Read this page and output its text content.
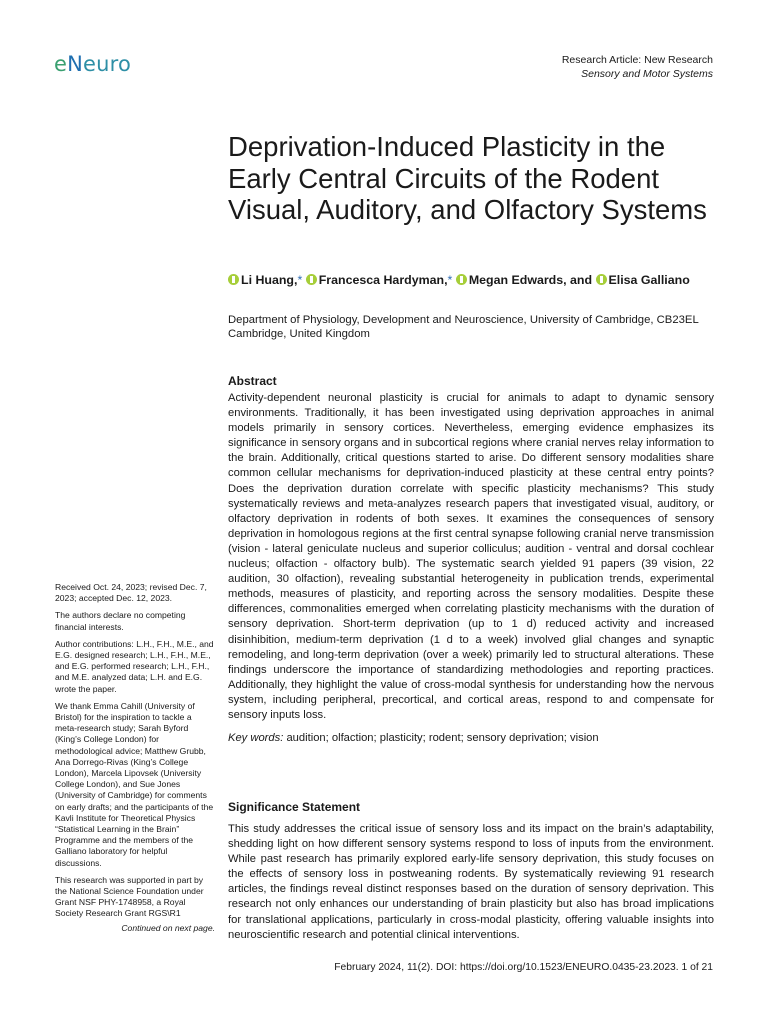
eNeuro	Research Article: New Research
Sensory and Motor Systems
Deprivation-Induced Plasticity in the Early Central Circuits of the Rodent Visual, Auditory, and Olfactory Systems
Li Huang,* Francesca Hardyman,* Megan Edwards, and Elisa Galliano
Department of Physiology, Development and Neuroscience, University of Cambridge, CB23EL Cambridge, United Kingdom
Abstract
Activity-dependent neuronal plasticity is crucial for animals to adapt to dynamic sensory environments. Traditionally, it has been investigated using deprivation approaches in animal models primarily in sensory cortices. Nevertheless, emerging evidence emphasizes its significance in sensory organs and in subcortical regions where cranial nerves relay information to the brain. Additionally, critical questions started to arise. Do different sensory modalities share common cellular mechanisms for deprivation-induced plasticity at these central entry points? Does the deprivation duration correlate with specific plasticity mechanisms? This study systematically reviews and meta-analyzes research papers that investigated visual, auditory, or olfactory deprivation in rodents of both sexes. It examines the consequences of sensory deprivation in homologous regions at the first central synapse following cranial nerve transmission (vision - lateral geniculate nucleus and superior colliculus; audition - ventral and dorsal cochlear nucleus; olfaction - olfactory bulb). The systematic search yielded 91 papers (39 vision, 22 audition, 30 olfaction), revealing substantial heterogeneity in publication trends, experimental methods, measures of plasticity, and reporting across the sensory modalities. Despite these differences, commonalities emerged when correlating plasticity mechanisms with the duration of sensory deprivation. Short-term deprivation (up to 1 d) reduced activity and increased disinhibition, medium-term deprivation (1 d to a week) involved glial changes and synaptic remodeling, and long-term deprivation (over a week) primarily led to structural alterations. These findings underscore the importance of standardizing methodologies and reporting practices. Additionally, they highlight the value of cross-modal synthesis for understanding how the nervous system, including peripheral, precortical, and cortical areas, respond to and compensate for sensory inputs loss.
Key words: audition; olfaction; plasticity; rodent; sensory deprivation; vision
Significance Statement
This study addresses the critical issue of sensory loss and its impact on the brain’s adaptability, shedding light on how different sensory systems respond to loss of inputs from the environment. While past research has primarily explored early-life sensory deprivation, this study focuses on the effects of sensory loss in postweaning rodents. By systematically reviewing 91 research articles, the findings reveal distinct responses based on the duration of sensory deprivation. This research not only enhances our understanding of brain plasticity but also has broad implications for translational applications, particularly in cross-modal plasticity, offering valuable insights into neuroscientific research and potential clinical interventions.

Received Oct. 24, 2023; revised Dec. 7, 2023; accepted Dec. 12, 2023.

The authors declare no competing financial interests.

Author contributions: L.H., F.H., M.E., and E.G. designed research; L.H., F.H., M.E., and E.G. performed research; L.H., F.H., and M.E. analyzed data; L.H. and E.G. wrote the paper.

We thank Emma Cahill (University of Bristol) for the inspiration to tackle a meta-research study; Sarah Byford (King’s College London) for methodological advice; Matthew Grubb, Ana Dorrego-Rivas (King’s College London), Marcela Lipovsek (University College London), and Sue Jones (University of Cambridge) for comments on early drafts; and the participants of the Kavli Institute for Theoretical Physics “Statistical Learning in the Brain” Programme and the members of the Galliano laboratory for helpful discussions.

This research was supported in part by the National Science Foundation under Grant NSF PHY-1748958, a Royal Society Research Grant RGS\R1

Continued on next page.

February 2024, 11(2). DOI: https://doi.org/10.1523/ENEURO.0435-23.2023. 1 of 21
